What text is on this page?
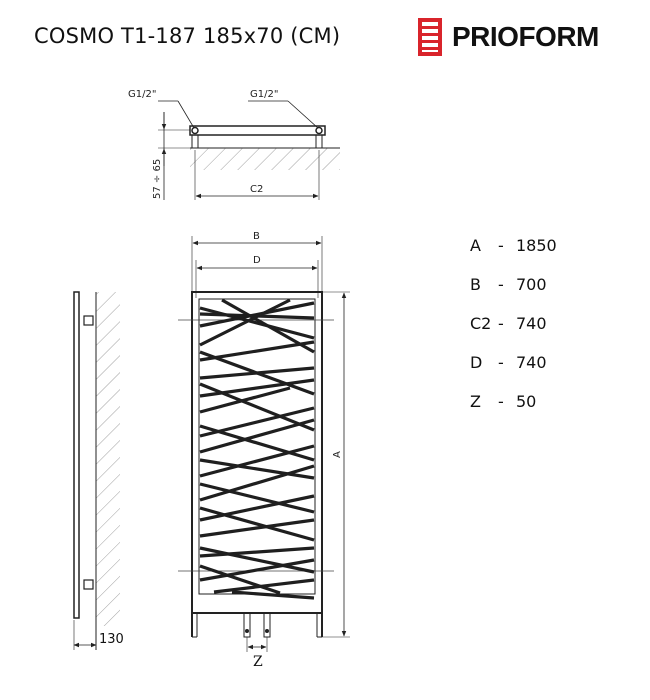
COSMO T1-187 185x70 (CM)	PRIOFORM
G1/2"	G1/2"
57 ÷ 65	C2
130
B
D
A
Z
A	- 1850
B	- 700
C2 - 740
D - 740
Z	- 50
